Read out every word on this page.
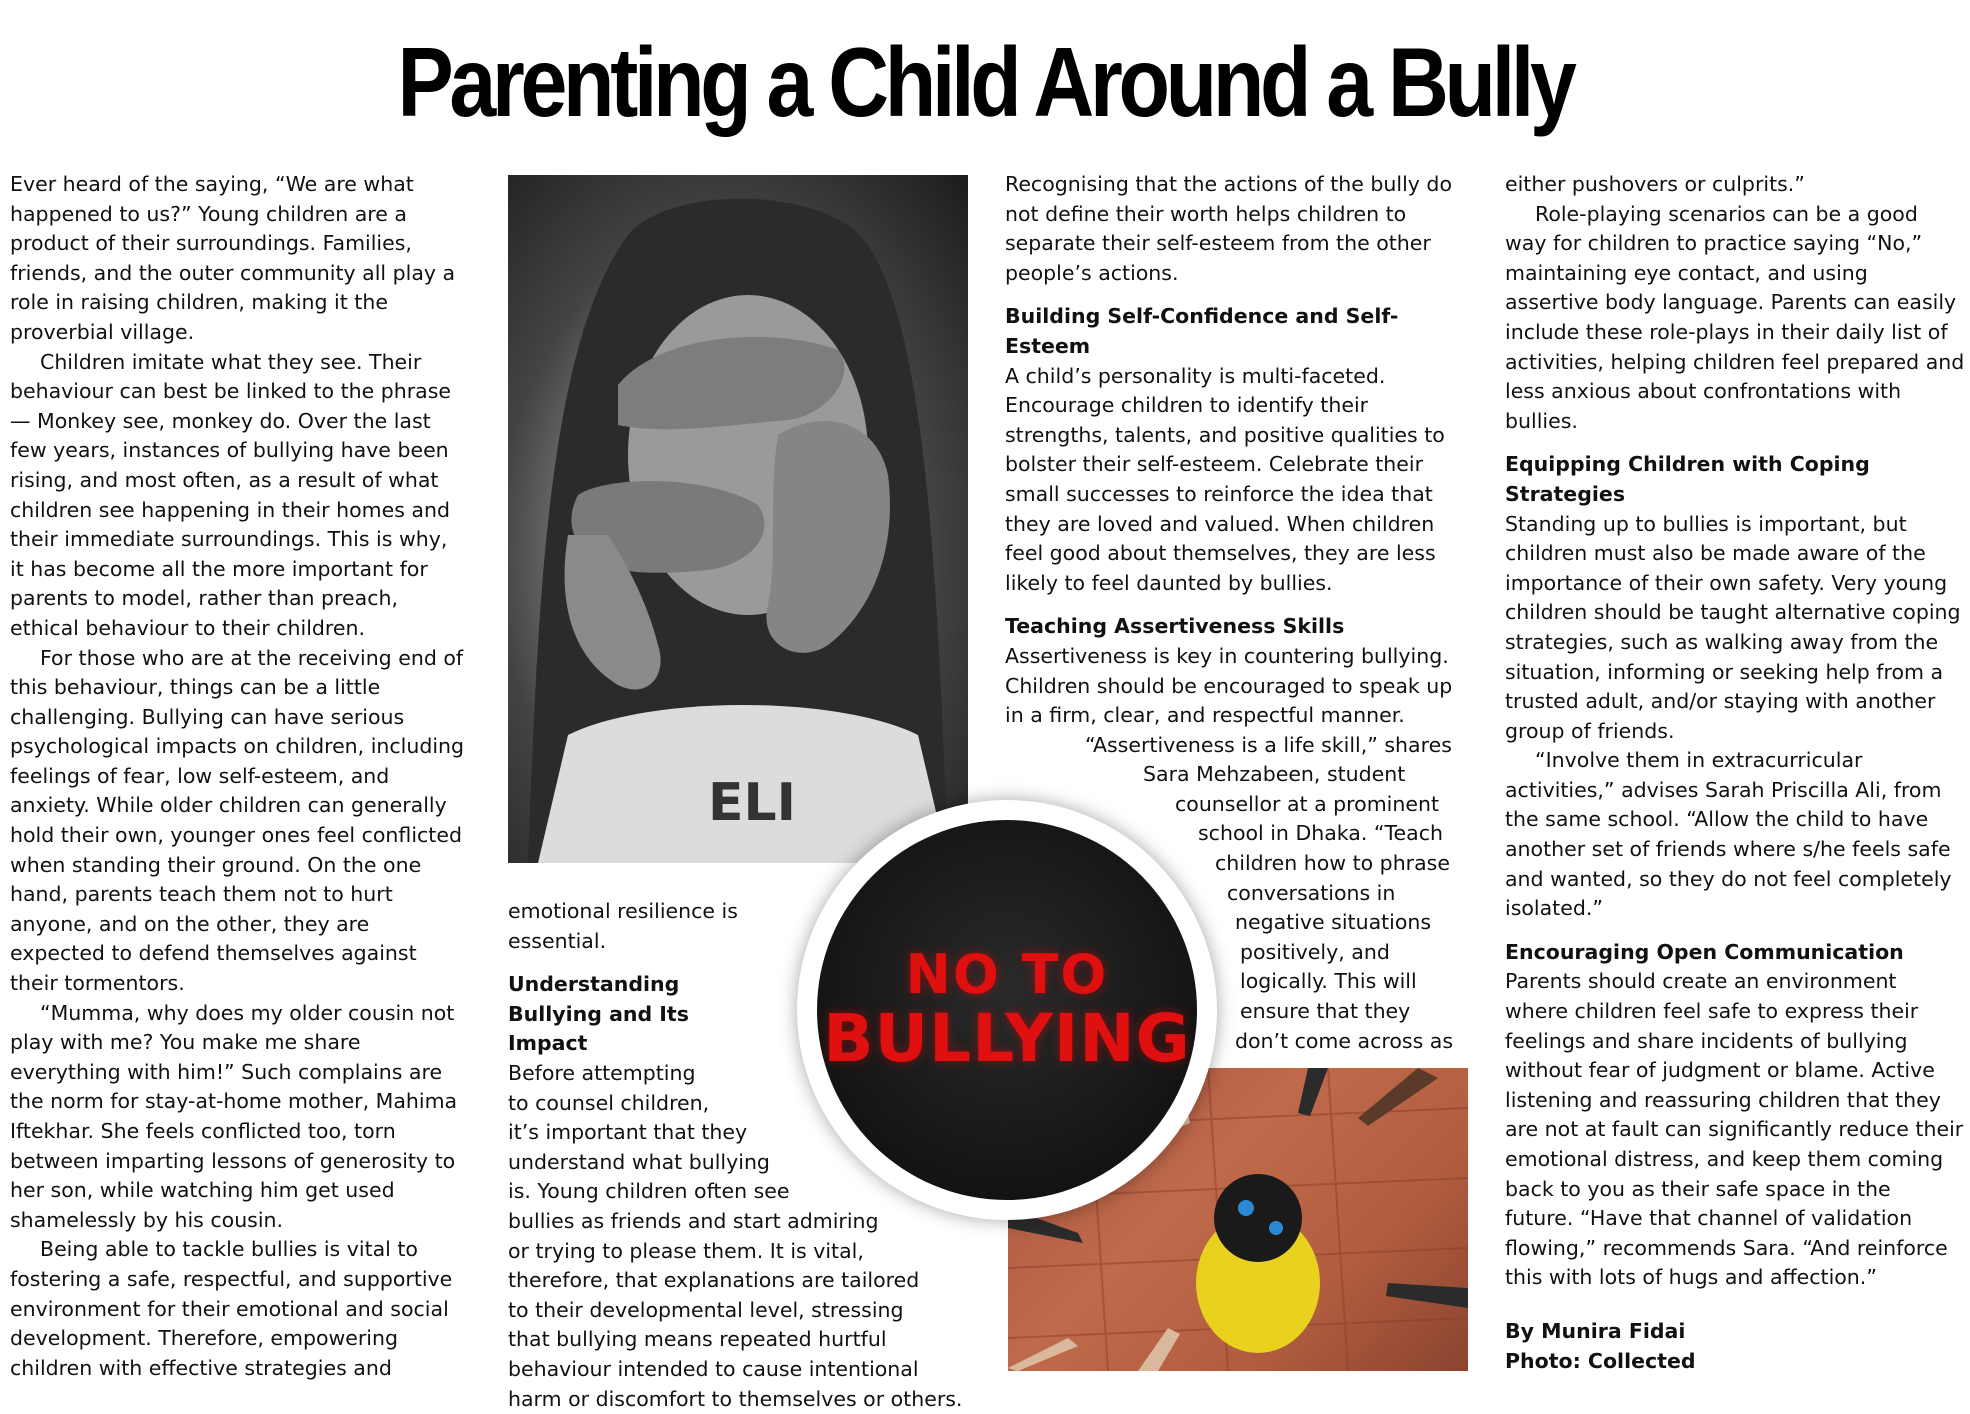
Parenting a Child Around a Bully

Ever heard of the saying, “We are what happened to us?” Young children are a product of their surroundings. Families, friends, and the outer community all play a role in raising children, making it the proverbial village.

Children imitate what they see. Their behaviour can best be linked to the phrase — Monkey see, monkey do. Over the last few years, instances of bullying have been rising, and most often, as a result of what children see happening in their homes and their immediate surroundings. This is why, it has become all the more important for parents to model, rather than preach, ethical behaviour to their children.

For those who are at the receiving end of this behaviour, things can be a little challenging. Bullying can have serious psychological impacts on children, including feelings of fear, low self-esteem, and anxiety. While older children can generally hold their own, younger ones feel conflicted when standing their ground. On the one hand, parents teach them not to hurt anyone, and on the other, they are expected to defend themselves against their tormentors.

“Mumma, why does my older cousin not play with me? You make me share everything with him!” Such complains are the norm for stay-at-home mother, Mahima Iftekhar. She feels conflicted too, torn between imparting lessons of generosity to her son, while watching him get used shamelessly by his cousin.

Being able to tackle bullies is vital to fostering a safe, respectful, and supportive environment for their emotional and social development. Therefore, empowering children with effective strategies and

ELI

emotional resilience is essential.

Understanding Bullying and Its Impact

Before attempting
to counsel children,
it’s important that they
understand what bullying
is. Young children often see
bullies as friends and start admiring
or trying to please them. It is vital,
therefore, that explanations are tailored
to their developmental level, stressing
that bullying means repeated hurtful
behaviour intended to cause intentional
harm or discomfort to themselves or others.

Recognising that the actions of the bully do not define their worth helps children to separate their self-esteem from the other people’s actions.

Building Self-Confidence and Self-Esteem

A child’s personality is multi-faceted. Encourage children to identify their strengths, talents, and positive qualities to bolster their self-esteem. Celebrate their small successes to reinforce the idea that they are loved and valued. When children feel good about themselves, they are less likely to feel daunted by bullies.

Teaching Assertiveness Skills

Assertiveness is key in countering bullying. Children should be encouraged to speak up in a firm, clear, and respectful manner.

“Assertiveness is a life skill,” shares
Sara Mehzabeen, student
counsellor at a prominent
school in Dhaka. “Teach
children how to phrase
conversations in
negative situations
positively, and
logically. This will
ensure that they
don’t come across as

NO TO
BULLYING

either pushovers or culprits.”

Role-playing scenarios can be a good way for children to practice saying “No,” maintaining eye contact, and using assertive body language. Parents can easily include these role-plays in their daily list of activities, helping children feel prepared and less anxious about confrontations with bullies.

Equipping Children with Coping Strategies

Standing up to bullies is important, but children must also be made aware of the importance of their own safety. Very young children should be taught alternative coping strategies, such as walking away from the situation, informing or seeking help from a trusted adult, and/or staying with another group of friends.

“Involve them in extracurricular activities,” advises Sarah Priscilla Ali, from the same school. “Allow the child to have another set of friends where s/he feels safe and wanted, so they do not feel completely isolated.”

Encouraging Open Communication

Parents should create an environment where children feel safe to express their feelings and share incidents of bullying without fear of judgment or blame. Active listening and reassuring children that they are not at fault can significantly reduce their emotional distress, and keep them coming back to you as their safe space in the future. “Have that channel of validation flowing,” recommends Sara. “And reinforce this with lots of hugs and affection.”

By Munira Fidai

Photo: Collected
